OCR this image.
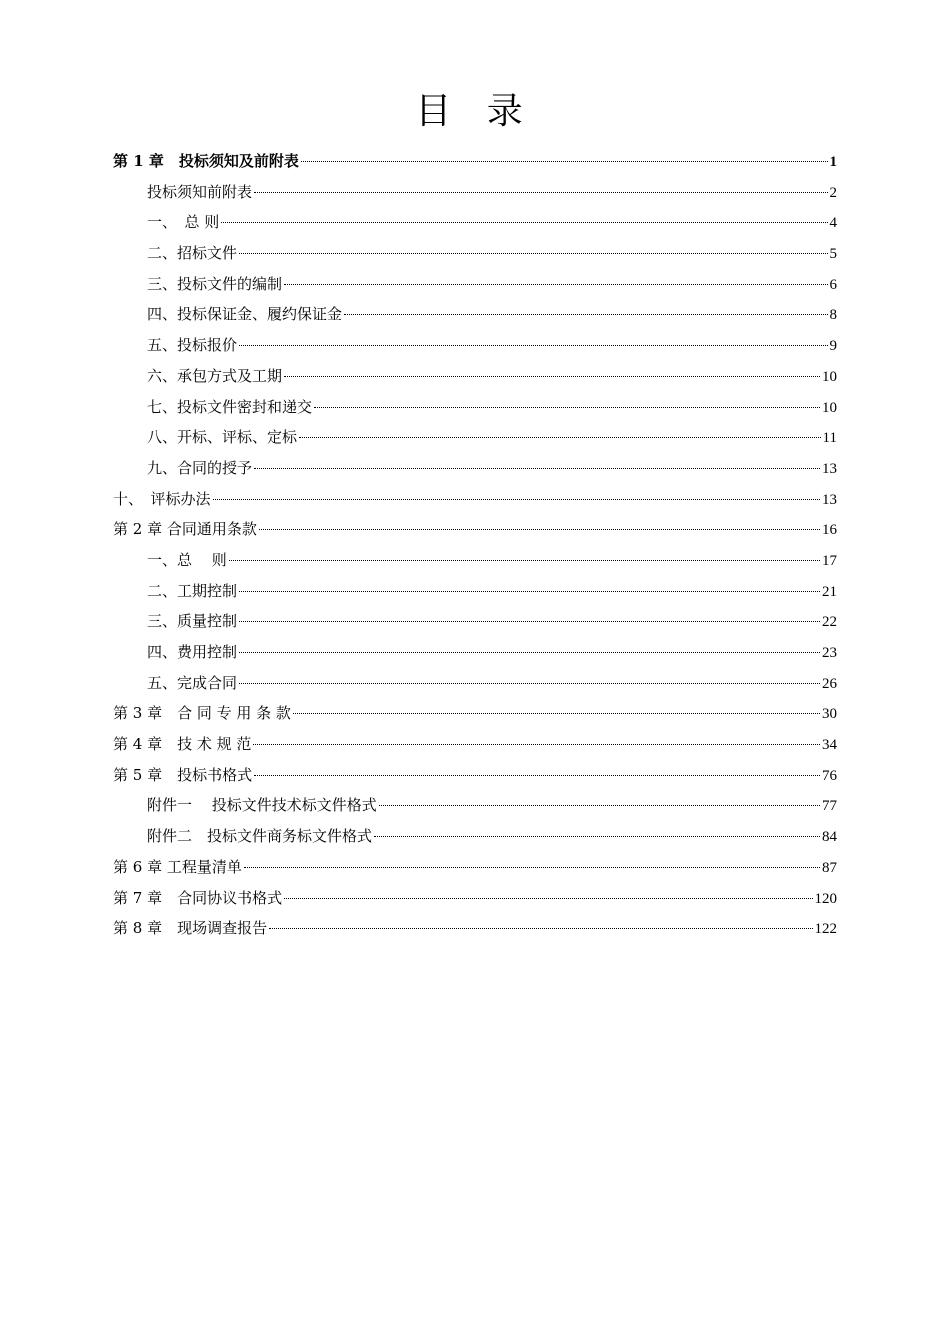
目 录
第 1 章　投标须知及前附表	1
投标须知前附表	2
一、　总 则	4
二、招标文件	5
三、投标文件的编制	6
四、投标保证金、履约保证金	8
五、投标报价	9
六、承包方式及工期	10
七、投标文件密封和递交	10
八、开标、评标、定标	11
九、合同的授予	13
十、　评标办法	13
第 2 章 合同通用条款	16
一、总　 则	17
二、工期控制	21
三、质量控制	22
四、费用控制	23
五、完成合同	26
第 3 章　合 同 专 用 条 款	30
第 4 章　技 术 规 范	34
第 5 章　投标书格式	76
附件一　 投标文件技术标文件格式	77
附件二　投标文件商务标文件格式	84
第 6 章 工程量清单	87
第 7 章　合同协议书格式	120
第 8 章　现场调查报告	122
